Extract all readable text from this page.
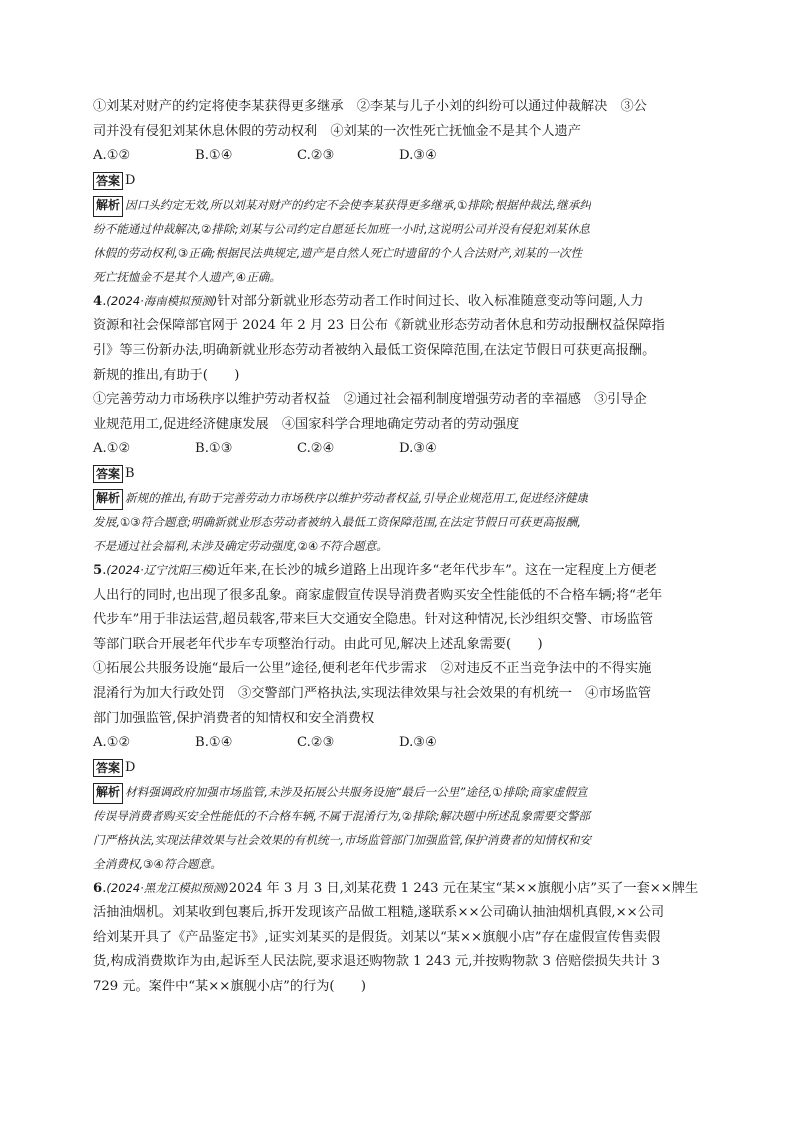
①刘某对财产的约定将使李某获得更多继承　②李某与儿子小刘的纠纷可以通过仲裁解决　③公
司并没有侵犯刘某休息休假的劳动权利　④刘某的一次性死亡抚恤金不是其个人遗产
A.①②	B.①④	C.②③	D.③④
答案 D
解析 因口头约定无效,所以刘某对财产的约定不会使李某获得更多继承,①排除;根据仲裁法,继承纠
纷不能通过仲裁解决,②排除;刘某与公司约定自愿延长加班一小时,这说明公司并没有侵犯刘某休息
休假的劳动权利,③正确;根据民法典规定,遗产是自然人死亡时遗留的个人合法财产,刘某的一次性
死亡抚恤金不是其个人遗产,④正确。
4.(2024·海南模拟预测)针对部分新就业形态劳动者工作时间过长、收入标准随意变动等问题,人力
资源和社会保障部官网于 2024 年 2 月 23 日公布《新就业形态劳动者休息和劳动报酬权益保障指
引》等三份新办法,明确新就业形态劳动者被纳入最低工资保障范围,在法定节假日可获更高报酬。
新规的推出,有助于(　　)
①完善劳动力市场秩序以维护劳动者权益　②通过社会福利制度增强劳动者的幸福感　③引导企
业规范用工,促进经济健康发展　④国家科学合理地确定劳动者的劳动强度
A.①②	B.①③	C.②④	D.③④
答案 B
解析 新规的推出,有助于完善劳动力市场秩序以维护劳动者权益,引导企业规范用工,促进经济健康
发展,①③符合题意;明确新就业形态劳动者被纳入最低工资保障范围,在法定节假日可获更高报酬,
不是通过社会福利,未涉及确定劳动强度,②④不符合题意。
5.(2024·辽宁沈阳三模)近年来,在长沙的城乡道路上出现许多“老年代步车”。这在一定程度上方便老
人出行的同时,也出现了很多乱象。商家虚假宣传误导消费者购买安全性能低的不合格车辆;将“老年
代步车”用于非法运营,超员载客,带来巨大交通安全隐患。针对这种情况,长沙组织交警、市场监管
等部门联合开展老年代步车专项整治行动。由此可见,解决上述乱象需要(　　)
①拓展公共服务设施“最后一公里”途径,便利老年代步需求　②对违反不正当竞争法中的不得实施
混淆行为加大行政处罚　③交警部门严格执法,实现法律效果与社会效果的有机统一　④市场监管
部门加强监管,保护消费者的知情权和安全消费权
A.①②	B.①④	C.②③	D.③④
答案 D
解析 材料强调政府加强市场监管,未涉及拓展公共服务设施“最后一公里”途径,①排除;商家虚假宣
传误导消费者购买安全性能低的不合格车辆,不属于混淆行为,②排除;解决题中所述乱象需要交警部
门严格执法,实现法律效果与社会效果的有机统一,市场监管部门加强监管,保护消费者的知情权和安
全消费权,③④符合题意。
6.(2024·黑龙江模拟预测)2024 年 3 月 3 日,刘某花费 1 243 元在某宝“某××旗舰小店”买了一套××牌生
活抽油烟机。刘某收到包裹后,拆开发现该产品做工粗糙,遂联系××公司确认抽油烟机真假,××公司
给刘某开具了《产品鉴定书》,证实刘某买的是假货。刘某以“某××旗舰小店”存在虚假宣传售卖假
货,构成消费欺诈为由,起诉至人民法院,要求退还购物款 1 243 元,并按购物款 3 倍赔偿损失共计 3
729 元。案件中“某××旗舰小店”的行为(　　)
